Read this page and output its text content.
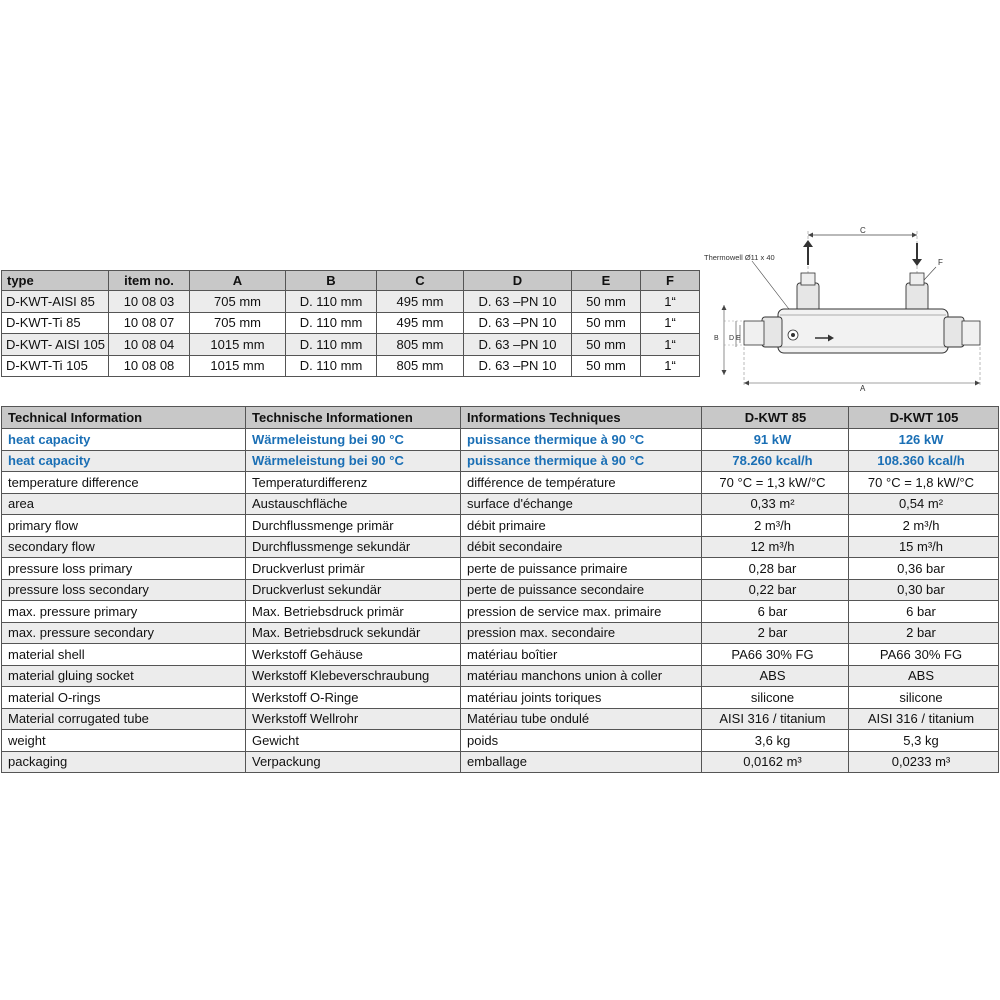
type	item no.	A	B	C	D	E	F
D-KWT-AISI 85	10 08 03	705 mm	D. 110 mm	495 mm	D. 63 –PN 10	50 mm	1“
D-KWT-Ti 85	10 08 07	705 mm	D. 110 mm	495 mm	D. 63 –PN 10	50 mm	1“
D-KWT- AISI 105	10 08 04	1015 mm	D. 110 mm	805 mm	D. 63 –PN 10	50 mm	1“
D-KWT-Ti 105	10 08 08	1015 mm	D. 110 mm	805 mm	D. 63 –PN 10	50 mm	1“
Thermowell Ø11 x 40
C
F
B D E
A
Technical Information	Technische Informationen	Informations Techniques	D-KWT 85	D-KWT 105
heat capacity	Wärmeleistung bei 90 °C	puissance thermique à 90 °C	91 kW	126 kW
heat capacity	Wärmeleistung bei 90 °C	puissance thermique à 90 °C	78.260 kcal/h	108.360 kcal/h
temperature difference	Temperaturdifferenz	différence de température	70 °C = 1,3 kW/°C	70 °C = 1,8 kW/°C
area	Austauschfläche	surface d'échange	0,33 m²	0,54 m²
primary flow	Durchflussmenge primär	débit primaire	2 m³/h	2 m³/h
secondary flow	Durchflussmenge sekundär	débit secondaire	12 m³/h	15 m³/h
pressure loss primary	Druckverlust primär	perte de puissance primaire	0,28 bar	0,36 bar
pressure loss secondary	Druckverlust sekundär	perte de puissance secondaire	0,22 bar	0,30 bar
max. pressure primary	Max. Betriebsdruck primär	pression de service max. primaire	6 bar	6 bar
max. pressure secondary	Max. Betriebsdruck sekundär	pression max. secondaire	2 bar	2 bar
material shell	Werkstoff Gehäuse	matériau boîtier	PA66 30% FG	PA66 30% FG
material gluing socket	Werkstoff Klebeverschraubung	matériau manchons union à coller	ABS	ABS
material O-rings	Werkstoff O-Ringe	matériau joints toriques	silicone	silicone
Material corrugated tube	Werkstoff Wellrohr	Matériau tube ondulé	AISI 316 / titanium	AISI 316 / titanium
weight	Gewicht	poids	3,6 kg	5,3 kg
packaging	Verpackung	emballage	0,0162 m³	0,0233 m³
